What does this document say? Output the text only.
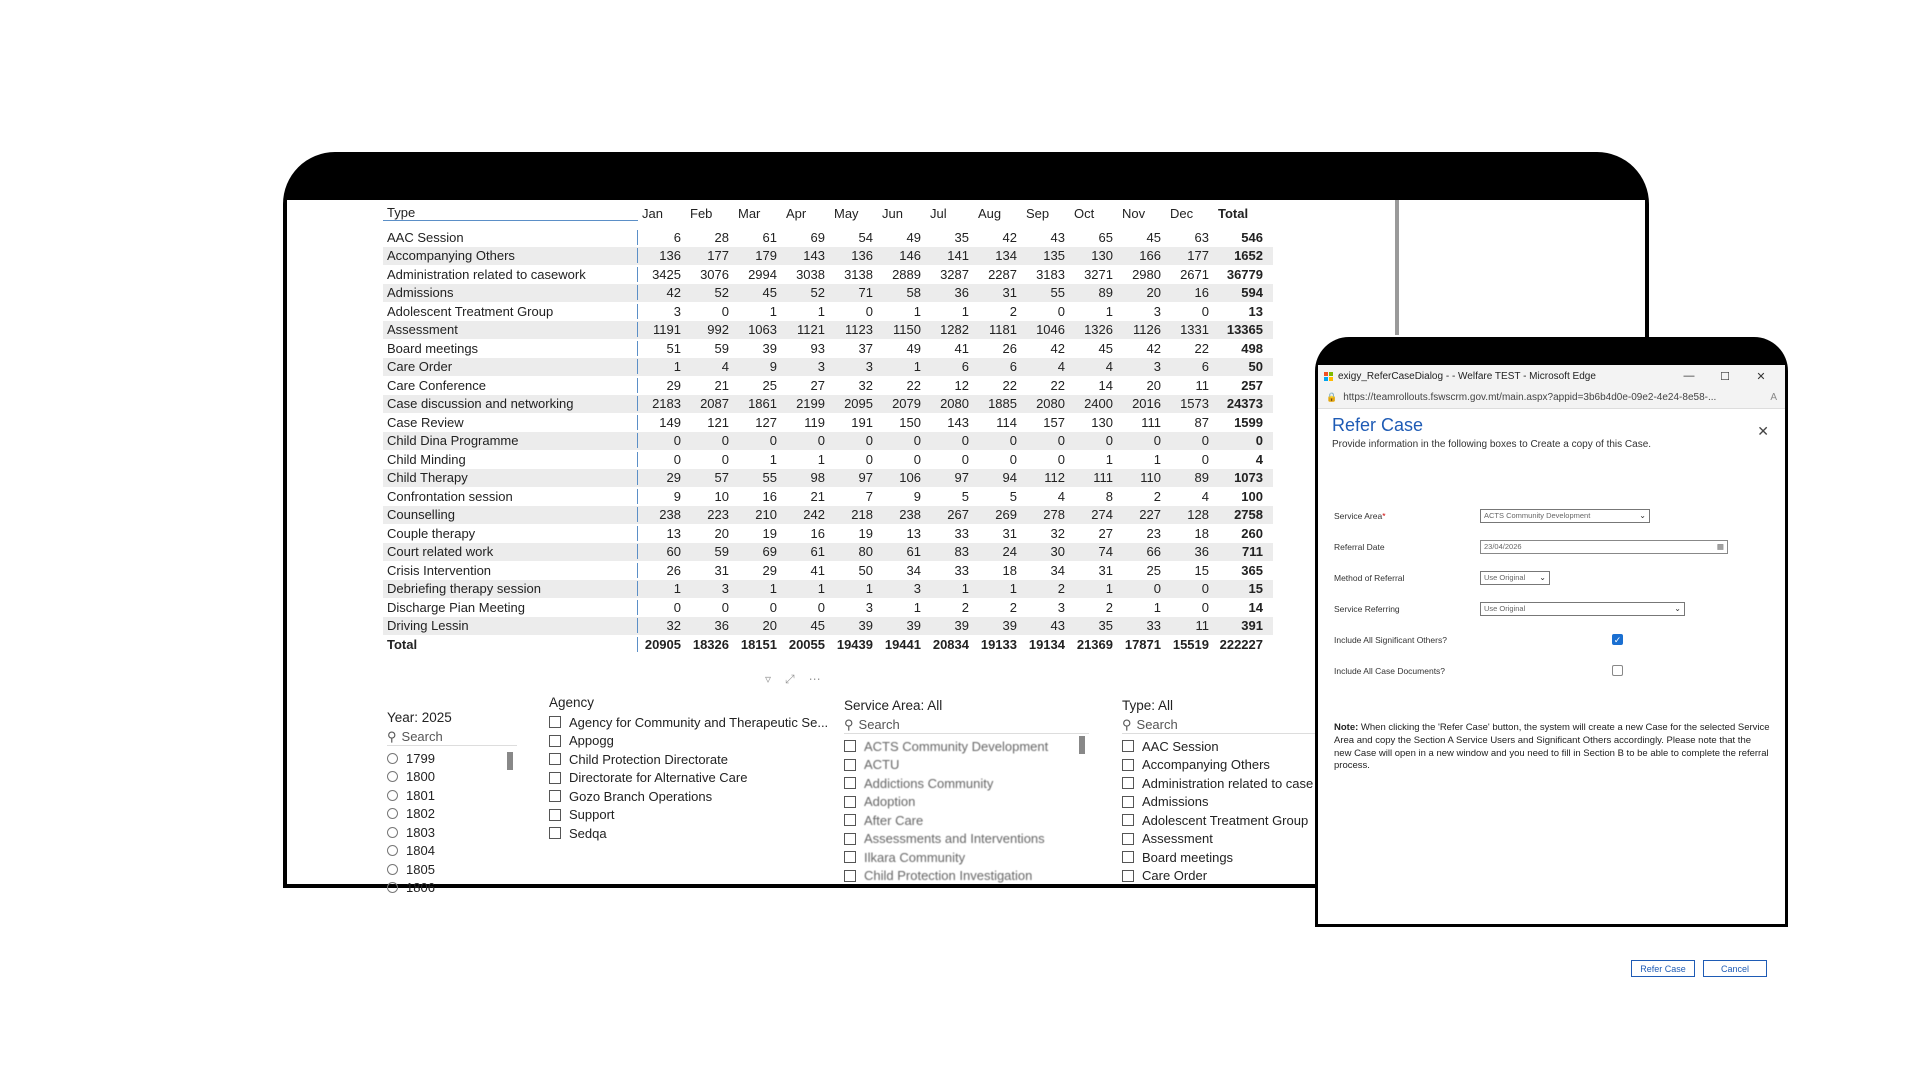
Type	Jan	Feb	Mar	Apr	May	Jun	Jul	Aug	Sep	Oct	Nov	Dec	Total
AAC Session	6	28	61	69	54	49	35	42	43	65	45	63	546
Accompanying Others	136	177	179	143	136	146	141	134	135	130	166	177	1652
Administration related to casework	3425	3076	2994	3038	3138	2889	3287	2287	3183	3271	2980	2671	36779
Admissions	42	52	45	52	71	58	36	31	55	89	20	16	594
Adolescent Treatment Group	3	0	1	1	0	1	1	2	0	1	3	0	13
Assessment	1191	992	1063	1121	1123	1150	1282	1181	1046	1326	1126	1331	13365
Board meetings	51	59	39	93	37	49	41	26	42	45	42	22	498
Care Order	1	4	9	3	3	1	6	6	4	4	3	6	50
Care Conference	29	21	25	27	32	22	12	22	22	14	20	11	257
Case discussion and networking	2183	2087	1861	2199	2095	2079	2080	1885	2080	2400	2016	1573	24373
Case Review	149	121	127	119	191	150	143	114	157	130	111	87	1599
Child Dina Programme	0	0	0	0	0	0	0	0	0	0	0	0	0
Child Minding	0	0	1	1	0	0	0	0	0	1	1	0	4
Child Therapy	29	57	55	98	97	106	97	94	112	111	110	89	1073
Confrontation session	9	10	16	21	7	9	5	5	4	8	2	4	100
Counselling	238	223	210	242	218	238	267	269	278	274	227	128	2758
Couple therapy	13	20	19	16	19	13	33	31	32	27	23	18	260
Court related work	60	59	69	61	80	61	83	24	30	74	66	36	711
Crisis Intervention	26	31	29	41	50	34	33	18	34	31	25	15	365
Debriefing therapy session	1	3	1	1	1	3	1	1	2	1	0	0	15
Discharge Pian Meeting	0	0	0	0	3	1	2	2	3	2	1	0	14
Driving Lessin	32	36	20	45	39	39	39	39	43	35	33	11	391
Total	20905 18326 18151 20055 19439 19441 20834 19133 19134 21369 17871 15519 222227
▿ ⤢ ⋯
Year: 2025
⚲ Search
1799
1800
1801
1802
1803
1804
1805
1806
Agency
Agency for Community and Therapeutic Se...
Appogg
Child Protection Directorate
Directorate for Alternative Care
Gozo Branch Operations
Support
Sedqa
Service Area: All
⚲ Search
ACTS Community Development
ACTU
Addictions Community
Adoption
After Care
Assessments and Interventions
Ilkara Community
Child Protection Investigation
Type: All
⚲ Search
AAC Session
Accompanying Others
Administration related to case
Admissions
Adolescent Treatment Group
Assessment
Board meetings
Care Order
exigy_ReferCaseDialog - - Welfare TEST - Microsoft Edge	—	☐	✕
🔒 https://teamrollouts.fswscrm.gov.mt/main.aspx?appid=3b6b4d0e-09e2-4e24-8e58-...	A
Refer Case	✕
Provide information in the following boxes to Create a copy of this Case.
Service Area*	ACTS Community Development	⌄
Referral Date	23/04/2026	▦
Method of Referral	Use Original ⌄
Service Referring	Use Original	⌄
Include All Significant Others?	✓
Include All Case Documents?
Note: When clicking the 'Refer Case' button, the system will create a new Case for the selected Service Area and copy the Section A Service Users and Significant Others accordingly. Please note that the new Case will open in a new window and you need to fill in Section B to be able to complete the referral process.
Refer Case	Cancel
